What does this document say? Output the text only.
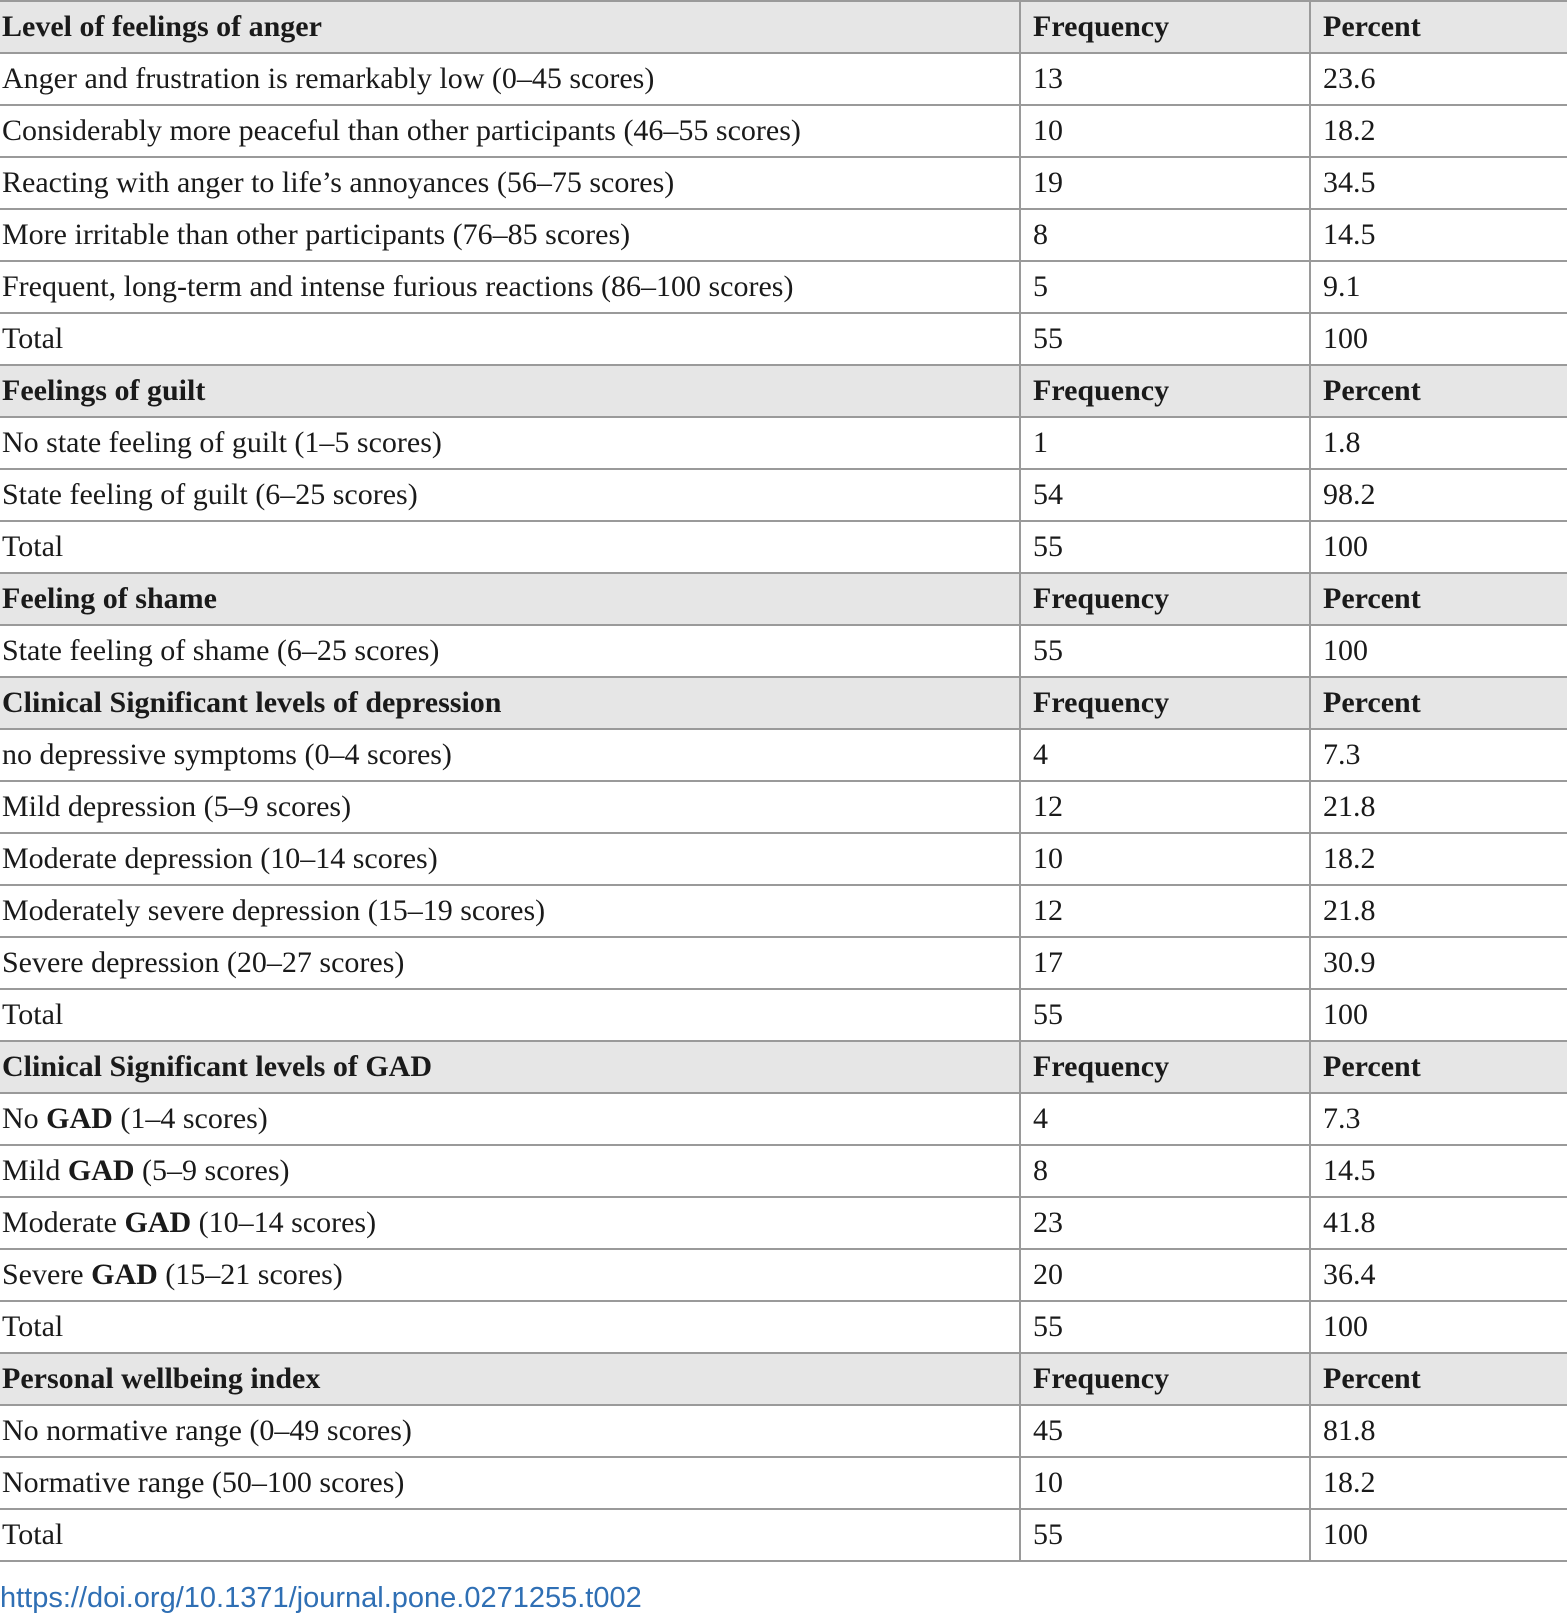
Level of feelings of anger	Frequency	Percent
Anger and frustration is remarkably low (0–45 scores)	13	23.6
Considerably more peaceful than other participants (46–55 scores)	10	18.2
Reacting with anger to life’s annoyances (56–75 scores)	19	34.5
More irritable than other participants (76–85 scores)	8	14.5
Frequent, long-term and intense furious reactions (86–100 scores)	5	9.1
Total	55	100
Feelings of guilt	Frequency	Percent
No state feeling of guilt (1–5 scores)	1	1.8
State feeling of guilt (6–25 scores)	54	98.2
Total	55	100
Feeling of shame	Frequency	Percent
State feeling of shame (6–25 scores)	55	100
Clinical Significant levels of depression	Frequency	Percent
no depressive symptoms (0–4 scores)	4	7.3
Mild depression (5–9 scores)	12	21.8
Moderate depression (10–14 scores)	10	18.2
Moderately severe depression (15–19 scores)	12	21.8
Severe depression (20–27 scores)	17	30.9
Total	55	100
Clinical Significant levels of GAD	Frequency	Percent
No GAD (1–4 scores)	4	7.3
Mild GAD (5–9 scores)	8	14.5
Moderate GAD (10–14 scores)	23	41.8
Severe GAD (15–21 scores)	20	36.4
Total	55	100
Personal wellbeing index	Frequency	Percent
No normative range (0–49 scores)	45	81.8
Normative range (50–100 scores)	10	18.2
Total	55	100
https://doi.org/10.1371/journal.pone.0271255.t002
